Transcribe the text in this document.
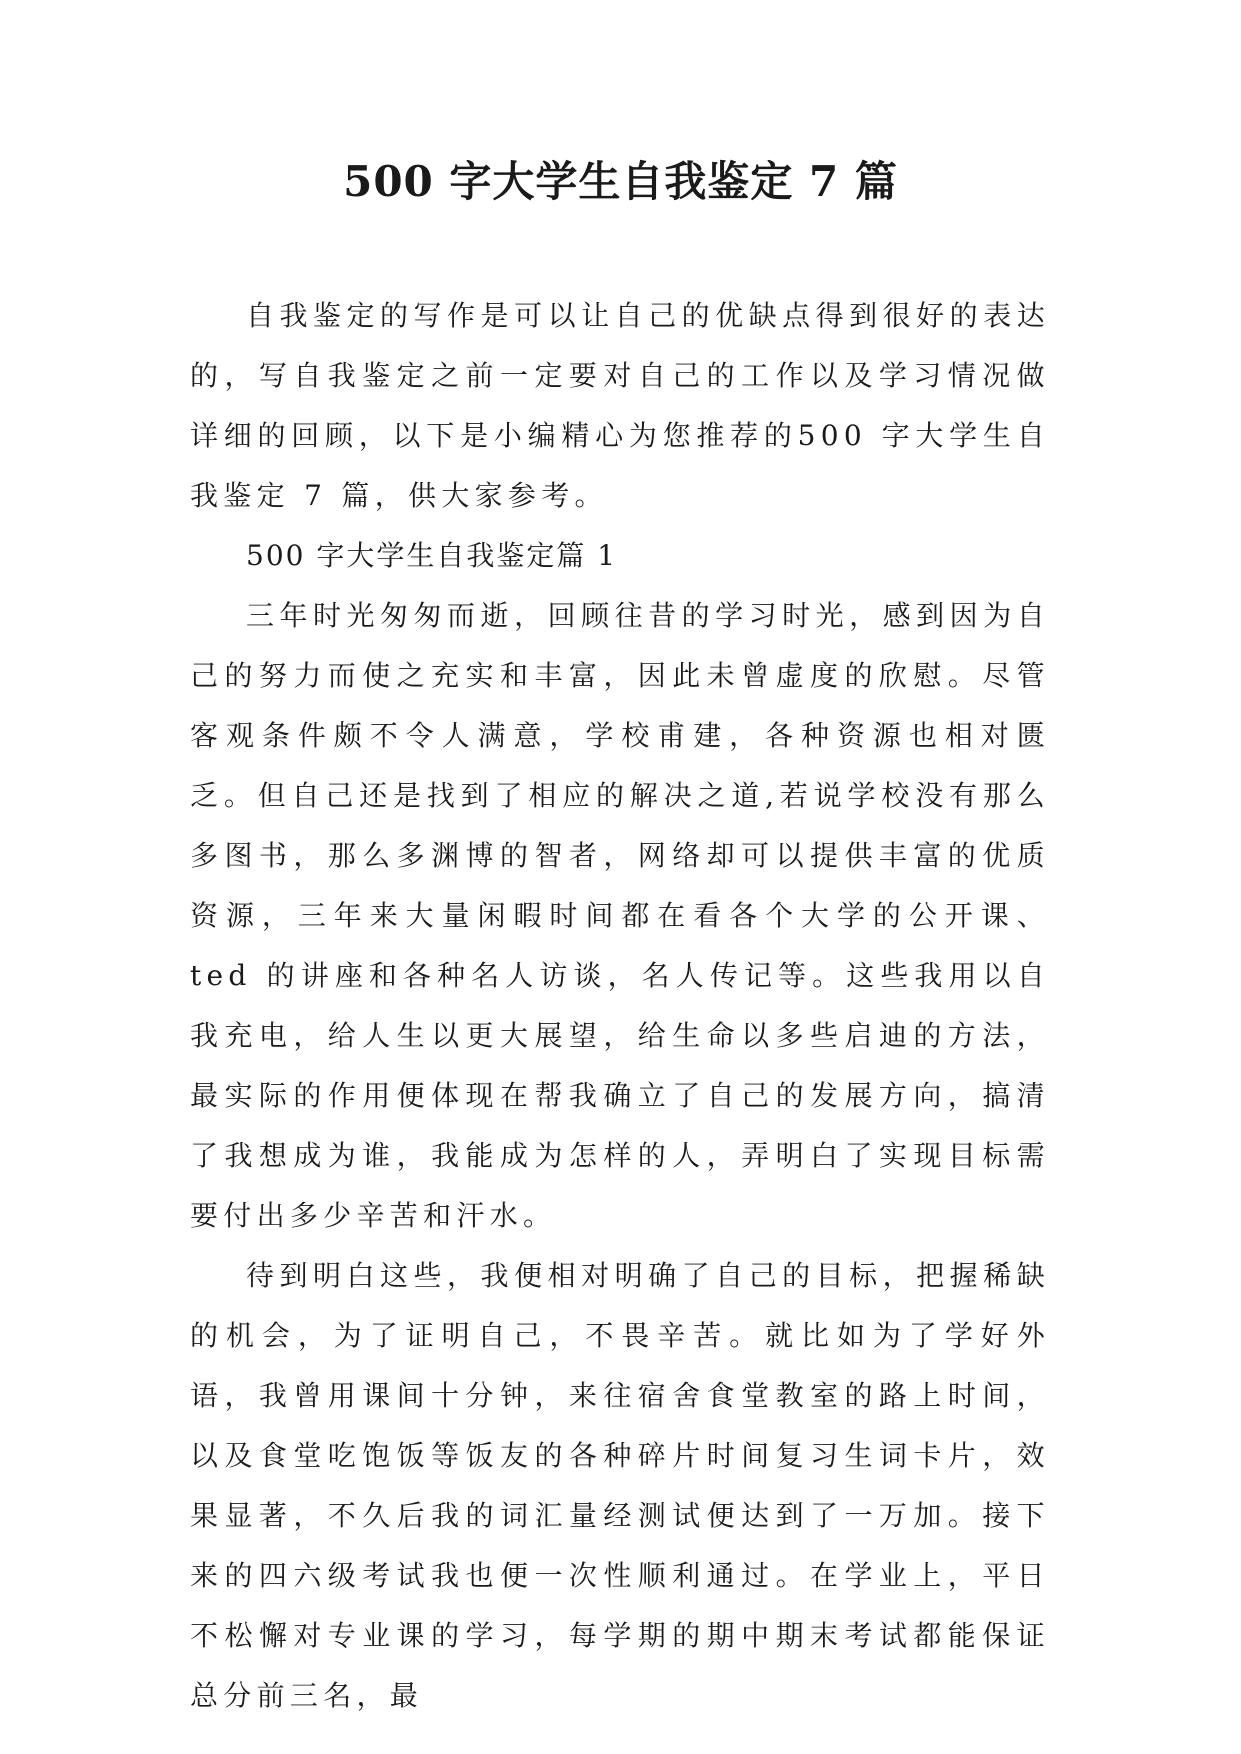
500 字大学生自我鉴定 7 篇

自我鉴定的写作是可以让自己的优缺点得到很好的表达的，写自我鉴定之前一定要对自己的工作以及学习情况做详细的回顾，以下是小编精心为您推荐的500 字大学生自我鉴定 7 篇，供大家参考。

500 字大学生自我鉴定篇 1

三年时光匆匆而逝，回顾往昔的学习时光，感到因为自己的努力而使之充实和丰富，因此未曾虚度的欣慰。尽管客观条件颇不令人满意，学校甫建，各种资源也相对匮乏。但自己还是找到了相应的解决之道,若说学校没有那么多图书，那么多渊博的智者，网络却可以提供丰富的优质资源，三年来大量闲暇时间都在看各个大学的公开课、ted 的讲座和各种名人访谈，名人传记等。这些我用以自我充电，给人生以更大展望，给生命以多些启迪的方法，最实际的作用便体现在帮我确立了自己的发展方向，搞清了我想成为谁，我能成为怎样的人，弄明白了实现目标需要付出多少辛苦和汗水。

待到明白这些，我便相对明确了自己的目标，把握稀缺的机会，为了证明自己，不畏辛苦。就比如为了学好外语，我曾用课间十分钟，来往宿舍食堂教室的路上时间，以及食堂吃饱饭等饭友的各种碎片时间复习生词卡片，效果显著，不久后我的词汇量经测试便达到了一万加。接下来的四六级考试我也便一次性顺利通过。在学业上，平日不松懈对专业课的学习，每学期的期中期末考试都能保证总分前三名，最
